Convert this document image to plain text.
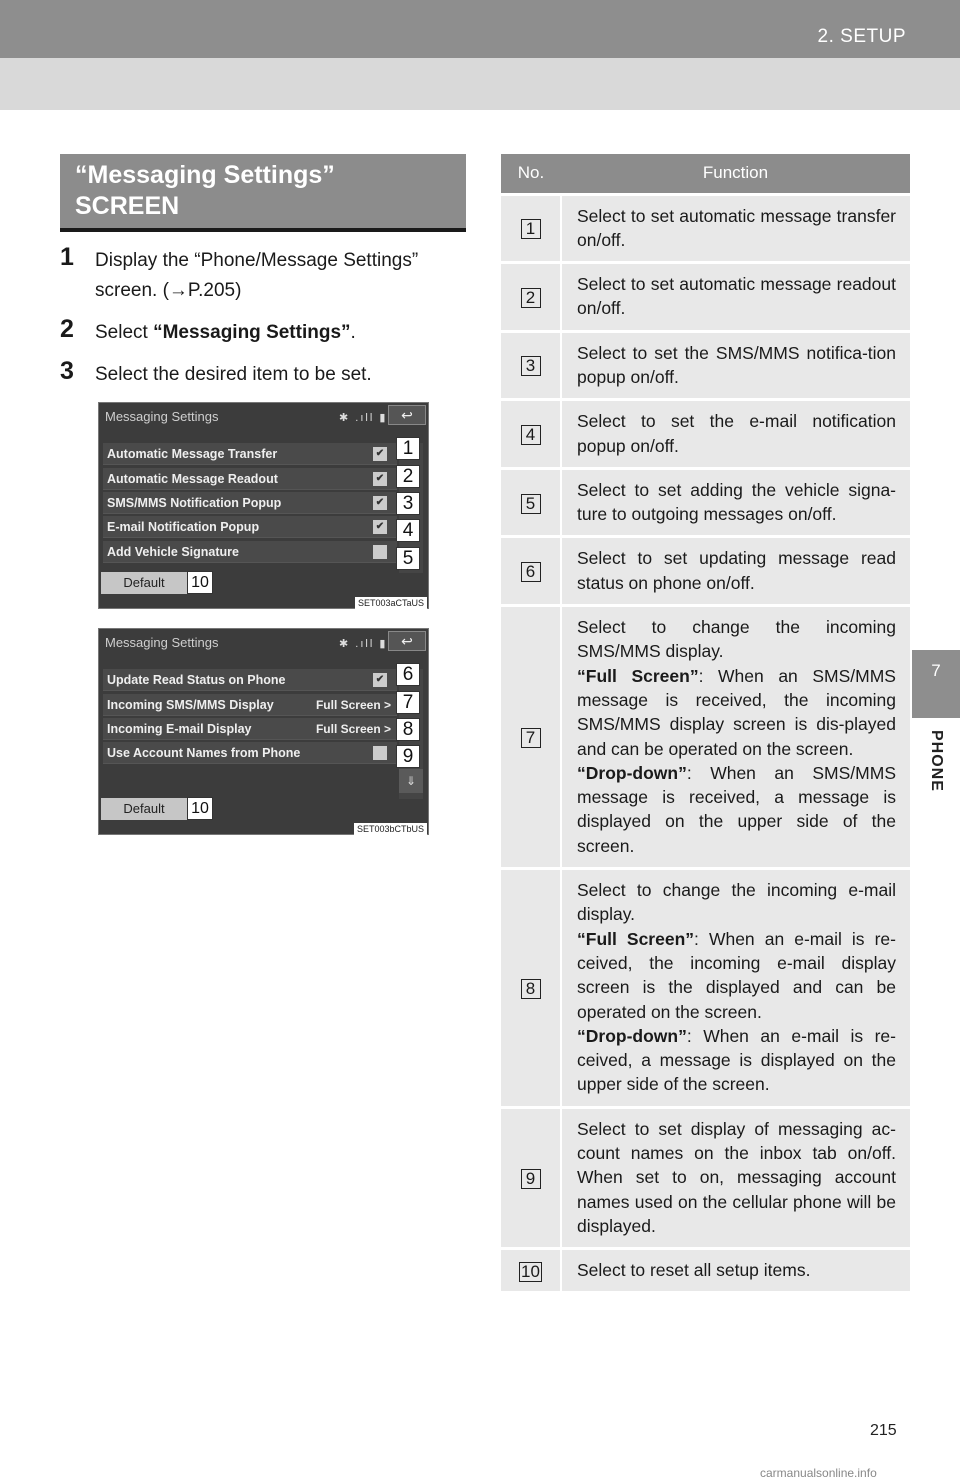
2. SETUP
7
PHONE
“Messaging Settings”
SCREEN
1 Display the “Phone/Message Settings” screen. (→P.205)
2 Select “Messaging Settings”.
3 Select the desired item to be set.
Messaging Settings	✱ .ıll ▮ ↩
Automatic Message Transfer	✔ 1
Automatic Message Readout	✔ 2
SMS/MMS Notification Popup	✔ 3
E-mail Notification Popup	✔ 4
Add Vehicle Signature	5
Default	10
SET003aCTaUS
Messaging Settings	✱ .ıll ▮ ↩
Update Read Status on Phone	✔ 6
Incoming SMS/MMS Display	Full Screen > 7
Incoming E-mail Display	Full Screen > 8
Use Account Names from Phone	9
⇓
Default	10
SET003bCTbUS
No.	Function
1	Select to set automatic message transfer on/off.
2	Select to set automatic message readout on/off.
3	Select to set the SMS/MMS notifica-tion popup on/off.
4	Select to set the e-mail notification popup on/off.
5	Select to set adding the vehicle signa-ture to outgoing messages on/off.
6	Select to set updating message read status on phone on/off.
7	Select to change the incoming SMS/MMS display.
“Full Screen”: When an SMS/MMS message is received, the incoming SMS/MMS display screen is dis-played and can be operated on the screen.
“Drop-down”: When an SMS/MMS message is received, a message is displayed on the upper side of the screen.

8	Select to change the incoming e-mail display.
“Full Screen”: When an e-mail is re-ceived, the incoming e-mail display screen is the displayed and can be operated on the screen.
“Drop-down”: When an e-mail is re-ceived, a message is displayed on the upper side of the screen.

9	Select to set display of messaging ac-count names on the inbox tab on/off. When set to on, messaging account names used on the cellular phone will be displayed.
10	Select to reset all setup items.
215
carmanualsonline.info
